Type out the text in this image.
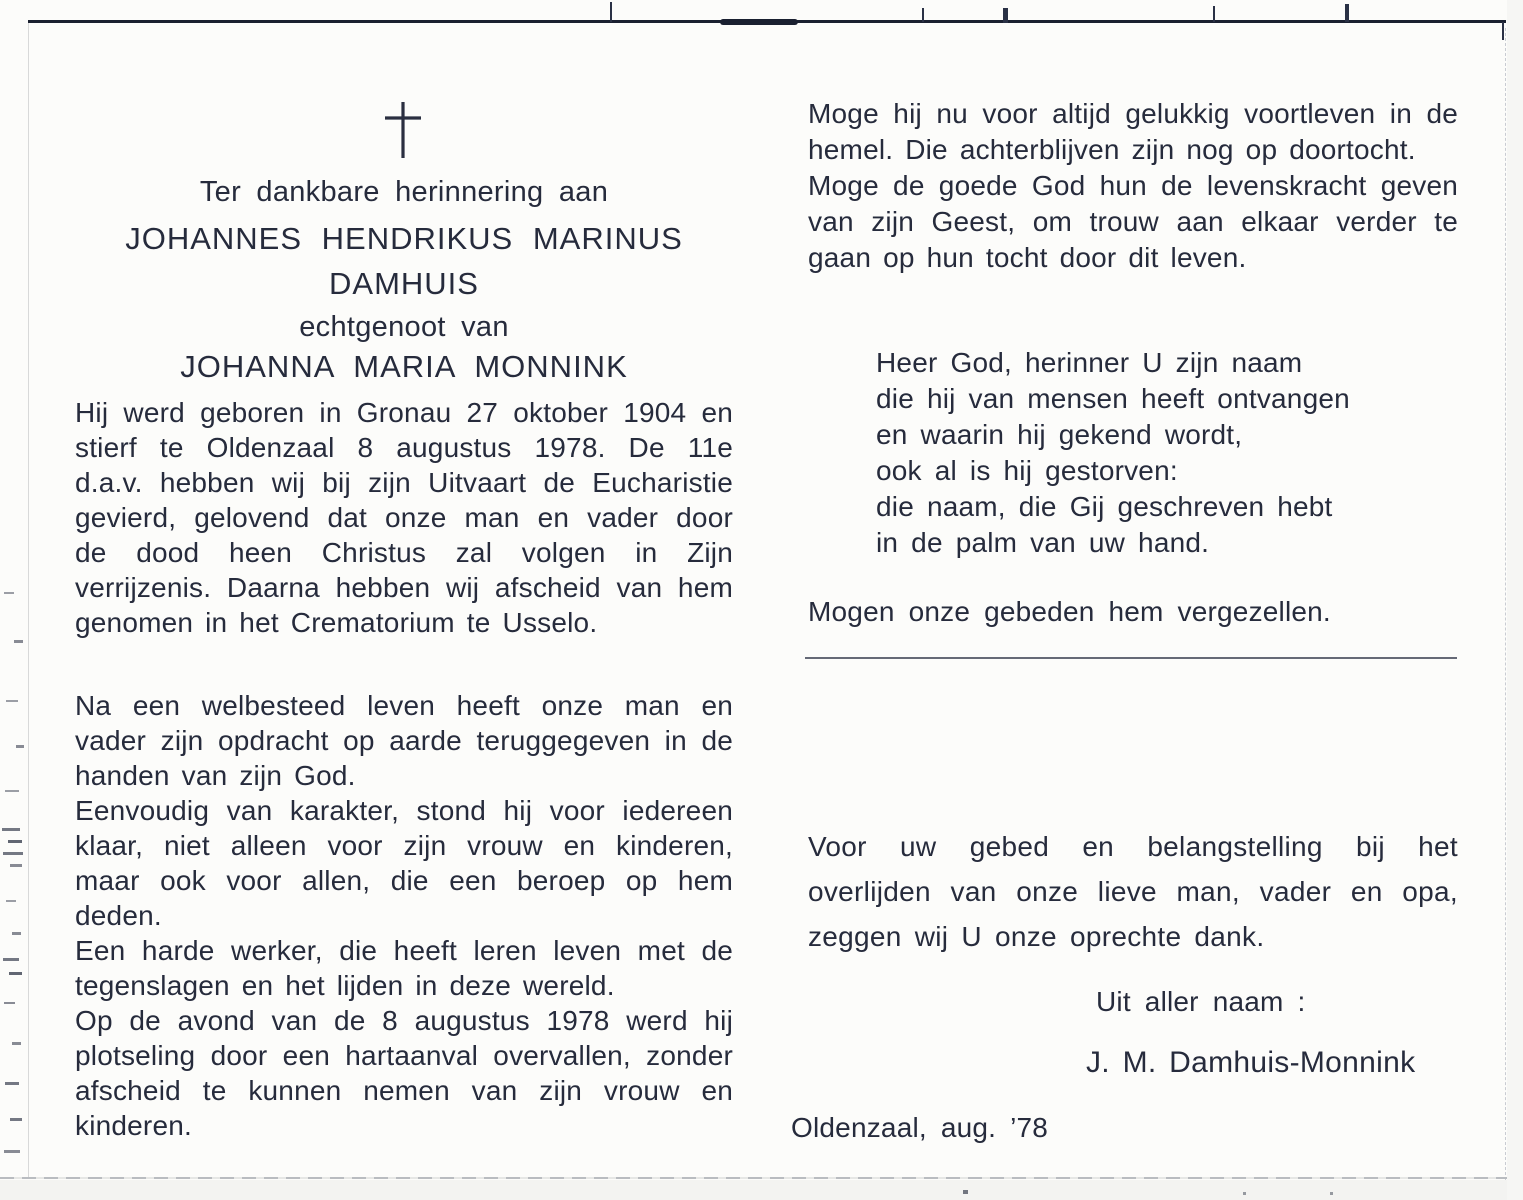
Ter dankbare herinnering aan
JOHANNES HENDRIKUS MARINUS
DAMHUIS
echtgenoot van
JOHANNA MARIA MONNINK

Hij werd geboren in Gronau 27 oktober 1904 en stierf te Oldenzaal 8 augustus 1978. De 11e d.a.v. hebben wij bij zijn Uitvaart de Eucharistie gevierd, gelovend dat onze man en vader door de dood heen Christus zal volgen in Zijn verrijzenis. Daarna hebben wij afscheid van hem genomen in het Crematorium te Usselo.

Na een welbesteed leven heeft onze man en vader zijn opdracht op aarde teruggegeven in de handen van zijn God.

Eenvoudig van karakter, stond hij voor iedereen klaar, niet alleen voor zijn vrouw en kinderen, maar ook voor allen, die een beroep op hem deden.

Een harde werker, die heeft leren leven met de tegenslagen en het lijden in deze wereld.

Op de avond van de 8 augustus 1978 werd hij plotseling door een hartaanval overvallen, zonder afscheid te kunnen nemen van zijn vrouw en kinderen.

Moge hij nu voor altijd gelukkig voortleven in de hemel. Die achterblijven zijn nog op doortocht.

Moge de goede God hun de levenskracht geven van zijn Geest, om trouw aan elkaar verder te gaan op hun tocht door dit leven.

Heer God, herinner U zijn naam
die hij van mensen heeft ontvangen
en waarin hij gekend wordt,
ook al is hij gestorven:
die naam, die Gij geschreven hebt
in de palm van uw hand.
Mogen onze gebeden hem vergezellen.

Voor uw gebed en belangstelling bij het overlijden van onze lieve man, vader en opa, zeggen wij U onze oprechte dank.

Uit aller naam :
J. M. Damhuis-Monnink
Oldenzaal, aug. ’78
